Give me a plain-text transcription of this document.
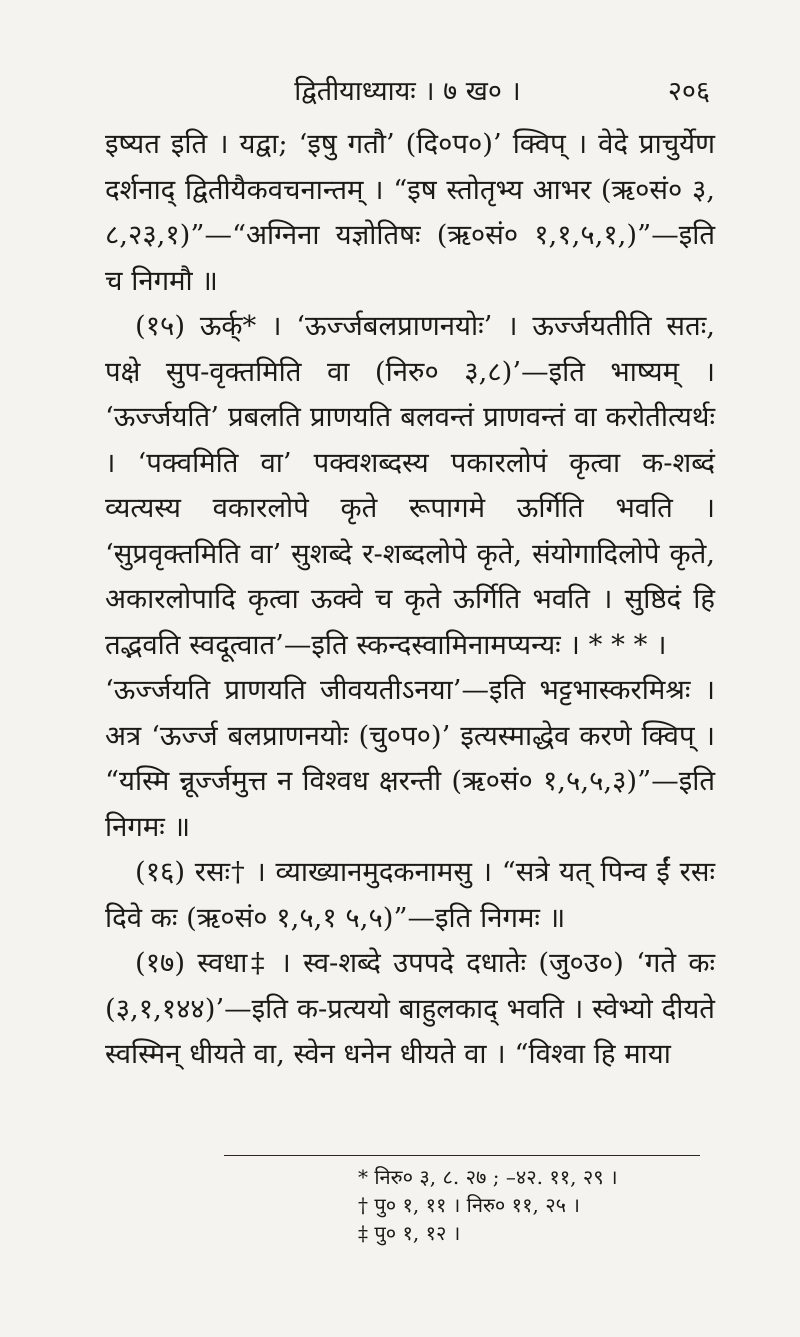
द्वितीयाध्यायः । ७ ख० ।	२०६

इष्यत इति । यद्वा; ‘इषु गतौ’ (दि०प०)’ क्विप् । वेदे प्राचुर्येण दर्शनाद् द्वितीयैकवचनान्तम् । “इष स्तोतृभ्य आभर (ऋ०सं० ३, ८,२३,१)”—“अग्निना यज्ञोतिषः (ऋ०सं० १,१,५,१,)”—इति च निगमौ ॥

(१५) ऊर्क्* । ‘ऊर्ज्जबलप्राणनयोः’ । ऊर्ज्जयतीति सतः, पक्षे सुप-वृक्तमिति वा (निरु० ३,८)’—इति भाष्यम् । ‘ऊर्ज्जयति’ प्रबलति प्राणयति बलवन्तं प्राणवन्तं वा करोतीत्यर्थः । ‘पक्वमिति वा’ पक्वशब्दस्य पकारलोपं कृत्वा क-शब्दं व्यत्यस्य वकारलोपे कृते रूपागमे ऊर्गिति भवति । ‘सुप्रवृक्तमिति वा’ सुशब्दे र-शब्दलोपे कृते, संयोगादिलोपे कृते, अकारलोपादि कृत्वा ऊक्वे च कृते ऊर्गिति भवति । सुष्ठिदं हि तद्भवति स्वदूत्वात’—इति स्कन्दस्वामिनामप्यन्यः । * * * ।

‘ऊर्ज्जयति प्राणयति जीवयतीऽनया’—इति भट्टभास्करमिश्रः । अत्र ‘ऊर्ज्ज बलप्राणनयोः (चु०प०)’ इत्यस्माद्धेव करणे क्विप् । “यस्मि न्नूर्ज्जमुत्त न विश्वध क्षरन्ती (ऋ०सं० १,५,५,३)”—इति निगमः ॥

(१६) रसः† । व्याख्यानमुदकनामसु । “सत्रे यत् पिन्व ईं रसः दिवे कः (ऋ०सं० १,५,१ ५,५)”—इति निगमः ॥

(१७) स्वधा‡ । स्व-शब्दे उपपदे दधातेः (जु०उ०) ‘गते कः (३,१,१४४)’—इति क-प्रत्ययो बाहुलकाद् भवति । स्वेभ्यो दीयते स्वस्मिन् धीयते वा, स्वेन धनेन धीयते वा । “विश्वा हि माया

* निरु० ३, ८. २७ ; –४२. ११, २९ ।
† पु० १, ११ । निरु० ११, २५ ।
‡ पु० १, १२ ।
